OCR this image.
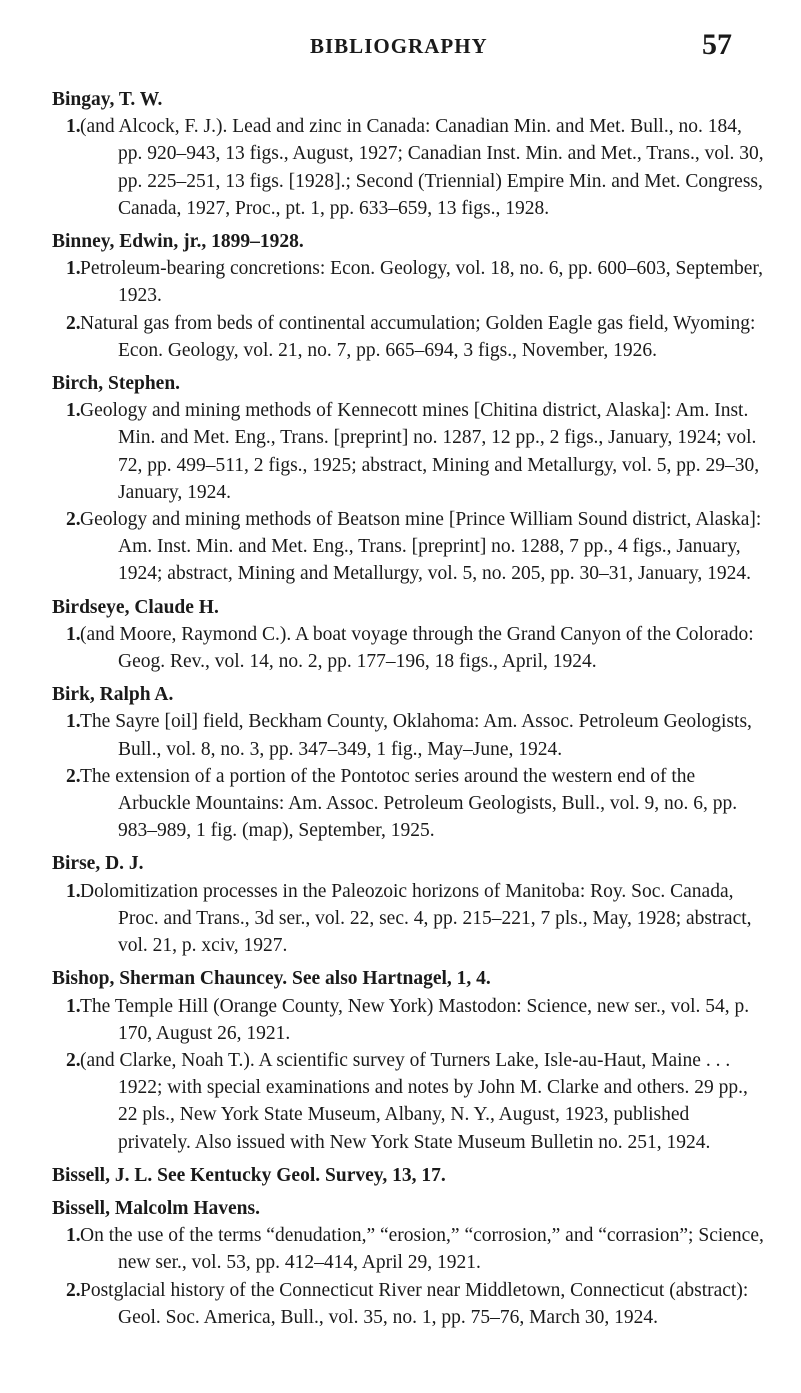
BIBLIOGRAPHY	57
Bingay, T. W.
1. (and Alcock, F. J.). Lead and zinc in Canada: Canadian Min. and Met. Bull., no. 184, pp. 920–943, 13 figs., August, 1927; Canadian Inst. Min. and Met., Trans., vol. 30, pp. 225–251, 13 figs. [1928].; Second (Triennial) Empire Min. and Met. Congress, Canada, 1927, Proc., pt. 1, pp. 633–659, 13 figs., 1928.
Binney, Edwin, jr., 1899–1928.
1. Petroleum-bearing concretions: Econ. Geology, vol. 18, no. 6, pp. 600–603, September, 1923.
2. Natural gas from beds of continental accumulation; Golden Eagle gas field, Wyoming: Econ. Geology, vol. 21, no. 7, pp. 665–694, 3 figs., November, 1926.
Birch, Stephen.
1. Geology and mining methods of Kennecott mines [Chitina district, Alaska]: Am. Inst. Min. and Met. Eng., Trans. [preprint] no. 1287, 12 pp., 2 figs., January, 1924; vol. 72, pp. 499–511, 2 figs., 1925; abstract, Mining and Metallurgy, vol. 5, pp. 29–30, January, 1924.
2. Geology and mining methods of Beatson mine [Prince William Sound district, Alaska]: Am. Inst. Min. and Met. Eng., Trans. [preprint] no. 1288, 7 pp., 4 figs., January, 1924; abstract, Mining and Metallurgy, vol. 5, no. 205, pp. 30–31, January, 1924.
Birdseye, Claude H.
1. (and Moore, Raymond C.). A boat voyage through the Grand Canyon of the Colorado: Geog. Rev., vol. 14, no. 2, pp. 177–196, 18 figs., April, 1924.
Birk, Ralph A.
1. The Sayre [oil] field, Beckham County, Oklahoma: Am. Assoc. Petroleum Geologists, Bull., vol. 8, no. 3, pp. 347–349, 1 fig., May–June, 1924.
2. The extension of a portion of the Pontotoc series around the western end of the Arbuckle Mountains: Am. Assoc. Petroleum Geologists, Bull., vol. 9, no. 6, pp. 983–989, 1 fig. (map), September, 1925.
Birse, D. J.
1. Dolomitization processes in the Paleozoic horizons of Manitoba: Roy. Soc. Canada, Proc. and Trans., 3d ser., vol. 22, sec. 4, pp. 215–221, 7 pls., May, 1928; abstract, vol. 21, p. xciv, 1927.
Bishop, Sherman Chauncey. See also Hartnagel, 1, 4.
1. The Temple Hill (Orange County, New York) Mastodon: Science, new ser., vol. 54, p. 170, August 26, 1921.
2. (and Clarke, Noah T.). A scientific survey of Turners Lake, Isle-au-Haut, Maine . . . 1922; with special examinations and notes by John M. Clarke and others. 29 pp., 22 pls., New York State Museum, Albany, N. Y., August, 1923, published privately. Also issued with New York State Museum Bulletin no. 251, 1924.
Bissell, J. L. See Kentucky Geol. Survey, 13, 17.
Bissell, Malcolm Havens.
1. On the use of the terms “denudation,” “erosion,” “corrosion,” and “corrasion”; Science, new ser., vol. 53, pp. 412–414, April 29, 1921.
2. Postglacial history of the Connecticut River near Middletown, Connecticut (abstract): Geol. Soc. America, Bull., vol. 35, no. 1, pp. 75–76, March 30, 1924.
